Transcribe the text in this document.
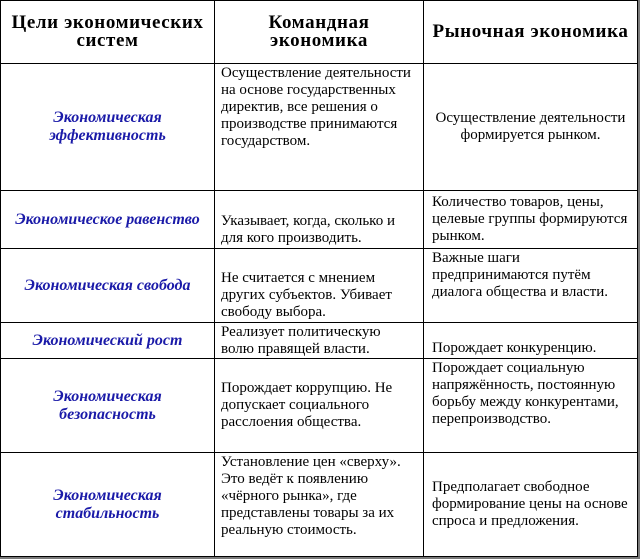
Цели экономических систем	Командная экономика	Рыночная экономика
Экономическая эффективность	Осуществление деятельности на основе государственных директив, все решения о производстве принимаются государством.	Осуществление деятельности формируется рынком.
Экономическое равенство	Указывает, когда, сколько и для кого производить.	Количество товаров, цены, целевые группы формируются рынком.
Экономическая свобода	Не считается с мнением других субъектов. Убивает свободу выбора.	Важные шаги предпринимаются путём диалога общества и власти.
Экономический рост	Реализует политическую волю правящей власти.	Порождает конкуренцию.
Экономическая безопасность	Порождает коррупцию. Не допускает социального расслоения общества.	Порождает социальную напряжённость, постоянную борьбу между конкурентами, перепроизводство.
Экономическая стабильность	Установление цен «сверху». Это ведёт к появлению «чёрного рынка», где представлены товары за их реальную стоимость.	Предполагает свободное формирование цены на основе спроса и предложения.
